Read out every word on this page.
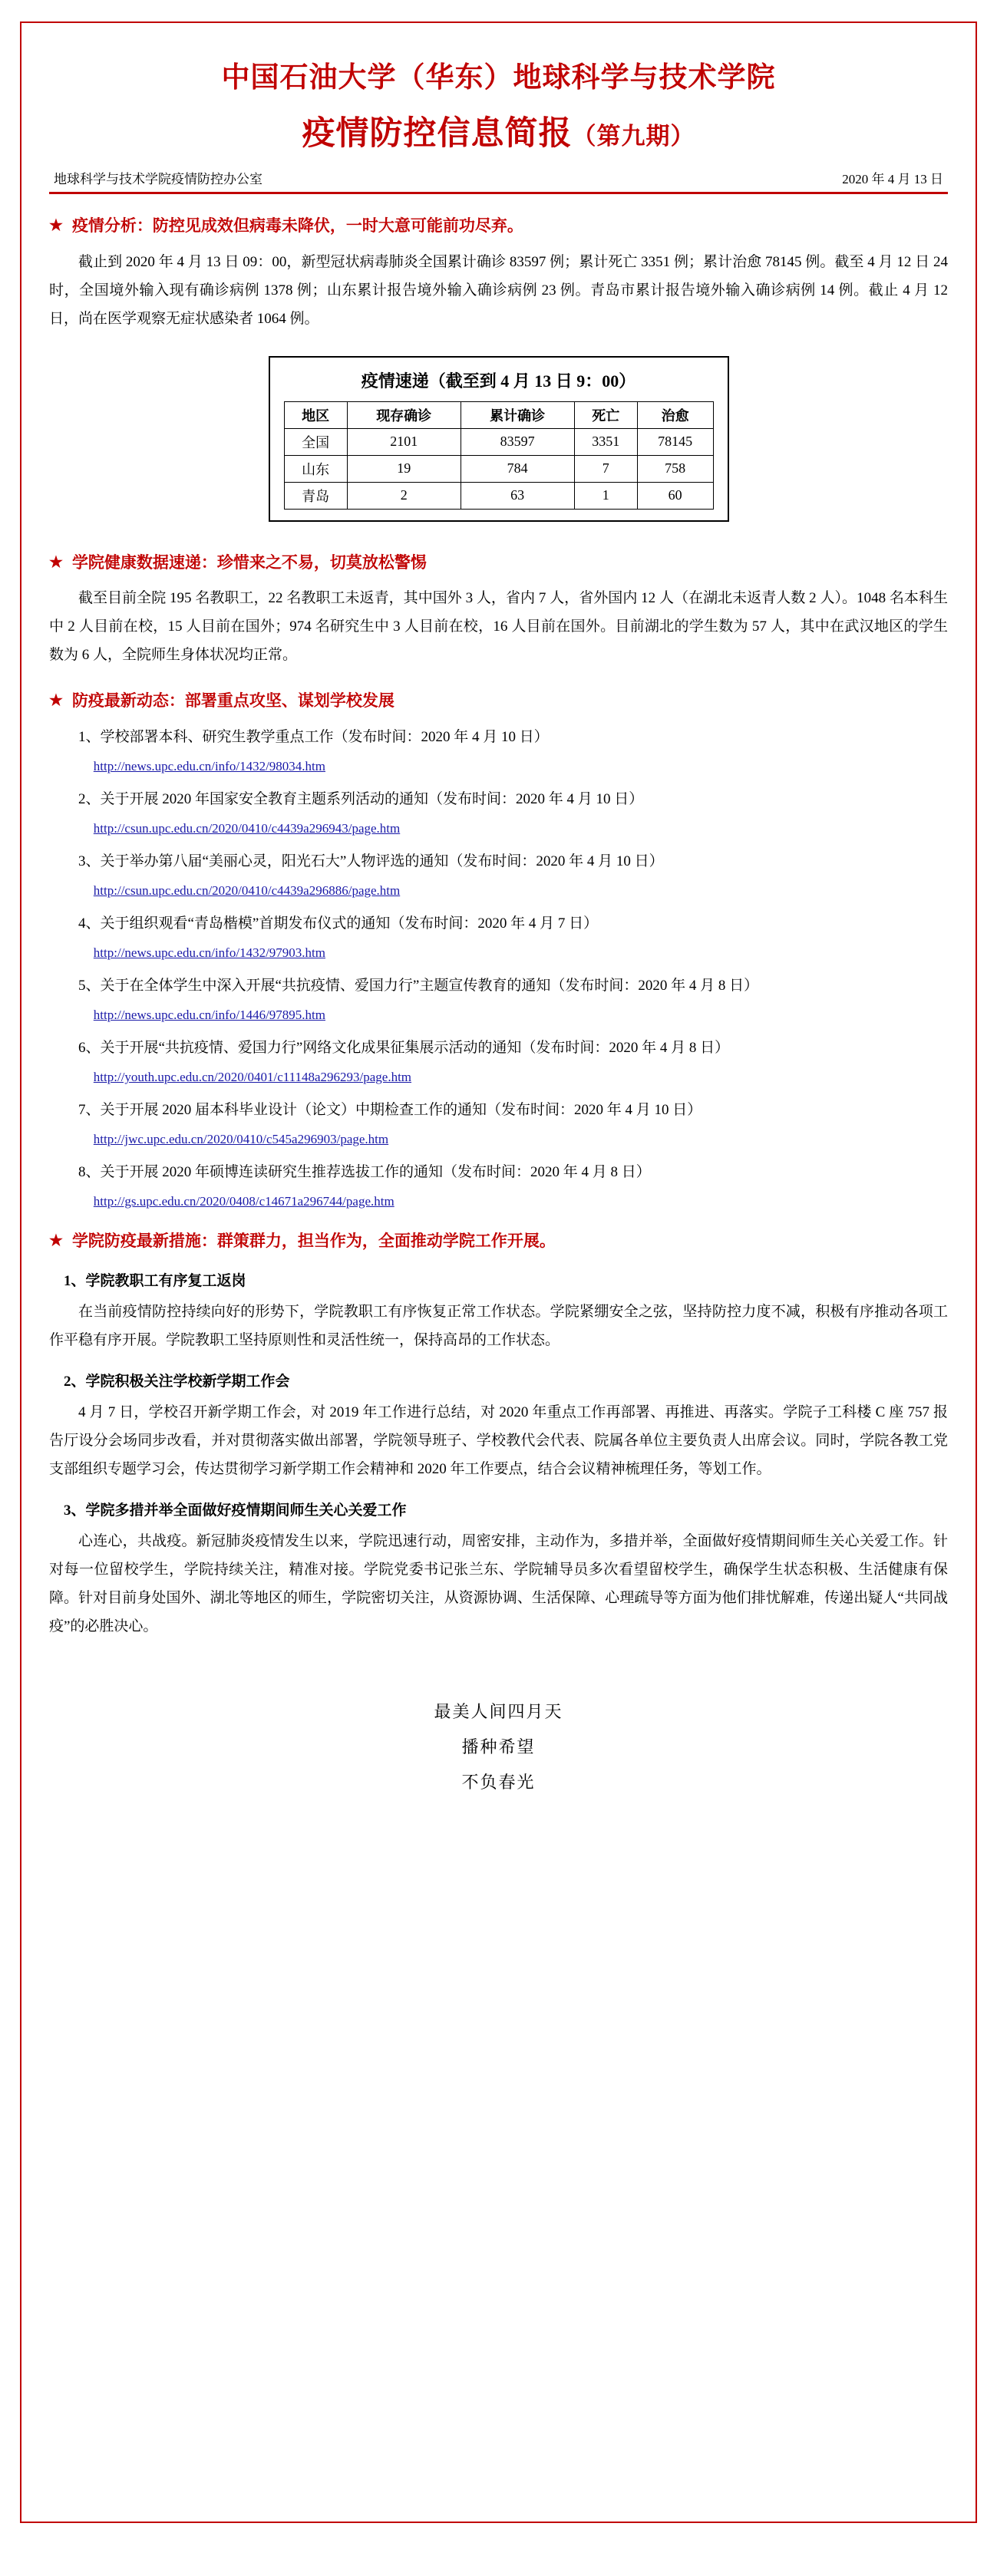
中国石油大学（华东）地球科学与技术学院
疫情防控信息简报（第九期）
地球科学与技术学院疫情防控办公室	2020 年 4 月 13 日
★ 疫情分析：防控见成效但病毒未降伏，一时大意可能前功尽弃。

截止到 2020 年 4 月 13 日 09：00，新型冠状病毒肺炎全国累计确诊 83597 例；累计死亡 3351 例；累计治愈 78145 例。截至 4 月 12 日 24 时，全国境外输入现有确诊病例 1378 例；山东累计报告境外输入确诊病例 23 例。青岛市累计报告境外输入确诊病例 14 例。截止 4 月 12 日，尚在医学观察无症状感染者 1064 例。

疫情速递（截至到 4 月 13 日 9：00）
地区	现存确诊	累计确诊	死亡	治愈
全国	2101	83597	3351	78145
山东	19	784	7	758
青岛	2	63	1	60
★ 学院健康数据速递：珍惜来之不易，切莫放松警惕

截至目前全院 195 名教职工，22 名教职工未返青，其中国外 3 人，省内 7 人，省外国内 12 人（在湖北未返青人数 2 人）。1048 名本科生中 2 人目前在校，15 人目前在国外；974 名研究生中 3 人目前在校，16 人目前在国外。目前湖北的学生数为 57 人，其中在武汉地区的学生数为 6 人，全院师生身体状况均正常。

★ 防疫最新动态：部署重点攻坚、谋划学校发展
1、学校部署本科、研究生教学重点工作（发布时间：2020 年 4 月 10 日）
http://news.upc.edu.cn/info/1432/98034.htm
2、关于开展 2020 年国家安全教育主题系列活动的通知（发布时间：2020 年 4 月 10 日）
http://csun.upc.edu.cn/2020/0410/c4439a296943/page.htm
3、关于举办第八届“美丽心灵，阳光石大”人物评选的通知（发布时间：2020 年 4 月 10 日）
http://csun.upc.edu.cn/2020/0410/c4439a296886/page.htm
4、关于组织观看“青岛楷模”首期发布仪式的通知（发布时间：2020 年 4 月 7 日）
http://news.upc.edu.cn/info/1432/97903.htm
5、关于在全体学生中深入开展“共抗疫情、爱国力行”主题宣传教育的通知（发布时间：2020 年 4 月 8 日）
http://news.upc.edu.cn/info/1446/97895.htm
6、关于开展“共抗疫情、爱国力行”网络文化成果征集展示活动的通知（发布时间：2020 年 4 月 8 日）
http://youth.upc.edu.cn/2020/0401/c11148a296293/page.htm
7、关于开展 2020 届本科毕业设计（论文）中期检查工作的通知（发布时间：2020 年 4 月 10 日）
http://jwc.upc.edu.cn/2020/0410/c545a296903/page.htm
8、关于开展 2020 年硕博连读研究生推荐选拔工作的通知（发布时间：2020 年 4 月 8 日）
http://gs.upc.edu.cn/2020/0408/c14671a296744/page.htm
★ 学院防疫最新措施：群策群力，担当作为，全面推动学院工作开展。
1、学院教职工有序复工返岗

在当前疫情防控持续向好的形势下，学院教职工有序恢复正常工作状态。学院紧绷安全之弦，坚持防控力度不减，积极有序推动各项工作平稳有序开展。学院教职工坚持原则性和灵活性统一，保持高昂的工作状态。

2、学院积极关注学校新学期工作会

4 月 7 日，学校召开新学期工作会，对 2019 年工作进行总结，对 2020 年重点工作再部署、再推进、再落实。学院子工科楼 C 座 757 报告厅设分会场同步改看，并对贯彻落实做出部署，学院领导班子、学校教代会代表、院属各单位主要负责人出席会议。同时，学院各教工党支部组织专题学习会，传达贯彻学习新学期工作会精神和 2020 年工作要点，结合会议精神梳理任务，等划工作。

3、学院多措并举全面做好疫情期间师生关心关爱工作

心连心，共战疫。新冠肺炎疫情发生以来，学院迅速行动，周密安排，主动作为，多措并举，全面做好疫情期间师生关心关爱工作。针对每一位留校学生，学院持续关注，精准对接。学院党委书记张兰东、学院辅导员多次看望留校学生，确保学生状态积极、生活健康有保障。针对目前身处国外、湖北等地区的师生，学院密切关注，从资源协调、生活保障、心理疏导等方面为他们排忧解难，传递出疑人“共同战疫”的必胜决心。

最美人间四月天
播种希望
不负春光
